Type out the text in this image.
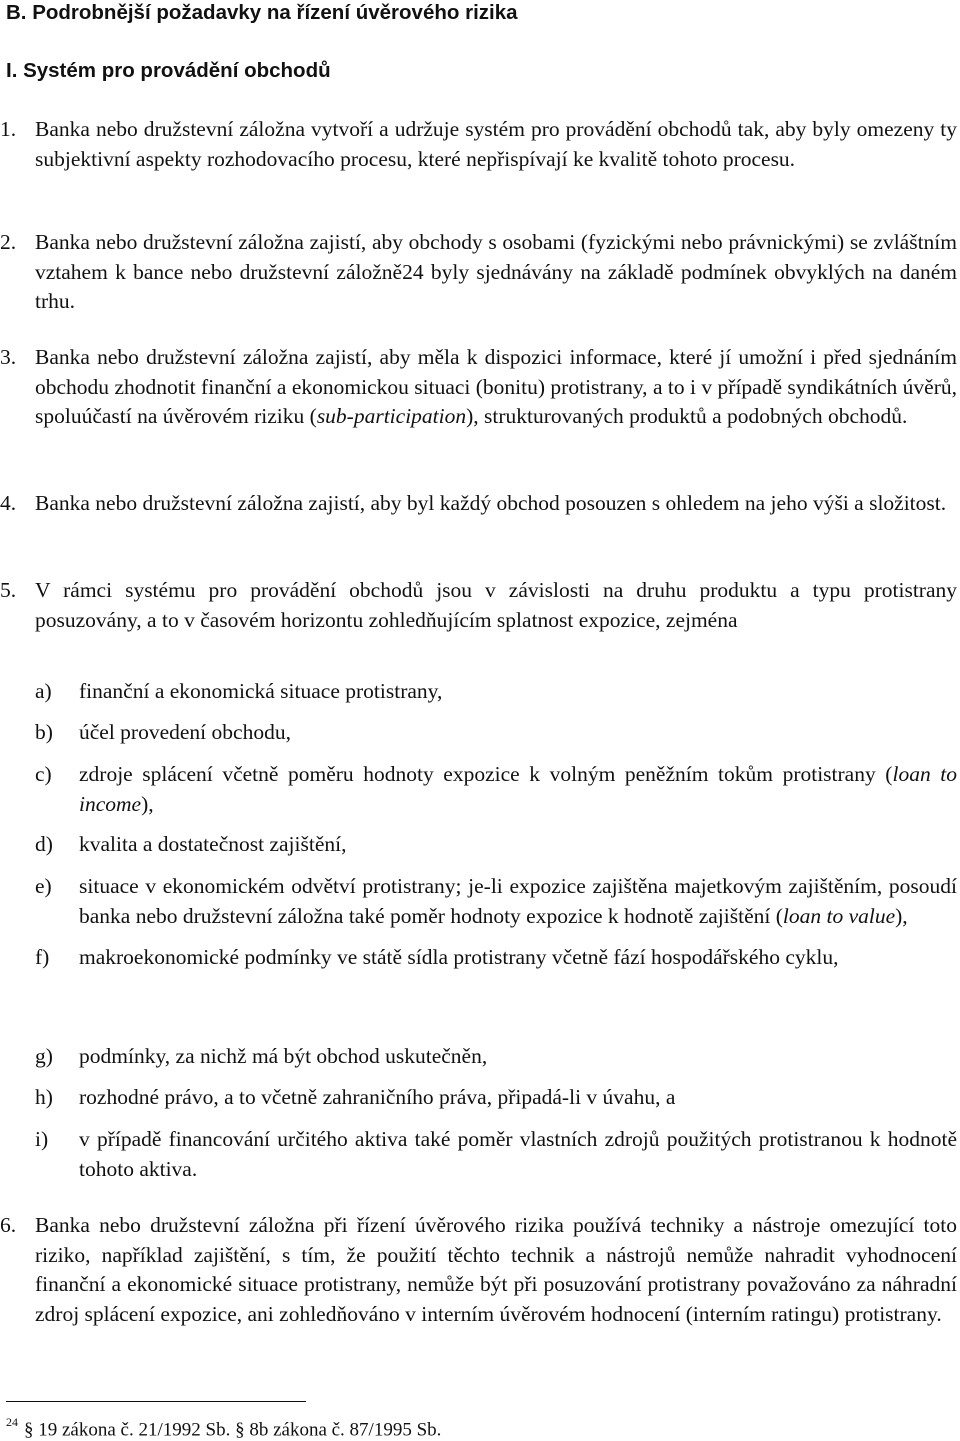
B. Podrobnější požadavky na řízení úvěrového rizika
I. Systém pro provádění obchodů
1. Banka nebo družstevní záložna vytvoří a udržuje systém pro provádění obchodů tak, aby byly omezeny ty subjektivní aspekty rozhodovacího procesu, které nepřispívají ke kvalitě tohoto procesu.
2. Banka nebo družstevní záložna zajistí, aby obchody s osobami (fyzickými nebo právnickými) se zvláštním vztahem k bance nebo družstevní záložně24 byly sjednávány na základě podmínek obvyklých na daném trhu.
3. Banka nebo družstevní záložna zajistí, aby měla k dispozici informace, které jí umožní i před sjednáním obchodu zhodnotit finanční a ekonomickou situaci (bonitu) protistrany, a to i v případě syndikátních úvěrů, spoluúčastí na úvěrovém riziku (sub-participation), strukturovaných produktů a podobných obchodů.
4. Banka nebo družstevní záložna zajistí, aby byl každý obchod posouzen s ohledem na jeho výši a složitost.
5. V rámci systému pro provádění obchodů jsou v závislosti na druhu produktu a typu protistrany posuzovány, a to v časovém horizontu zohledňujícím splatnost expozice, zejména
a) finanční a ekonomická situace protistrany,
b) účel provedení obchodu,
c) zdroje splácení včetně poměru hodnoty expozice k volným peněžním tokům protistrany (loan to income),
d) kvalita a dostatečnost zajištění,
e) situace v ekonomickém odvětví protistrany; je-li expozice zajištěna majetkovým zajištěním, posoudí banka nebo družstevní záložna také poměr hodnoty expozice k hodnotě zajištění (loan to value),
f) makroekonomické podmínky ve státě sídla protistrany včetně fází hospodářského cyklu,
g) podmínky, za nichž má být obchod uskutečněn,
h) rozhodné právo, a to včetně zahraničního práva, připadá-li v úvahu, a
i) v případě financování určitého aktiva také poměr vlastních zdrojů použitých protistranou k hodnotě tohoto aktiva.
6. Banka nebo družstevní záložna při řízení úvěrového rizika používá techniky a nástroje omezující toto riziko, například zajištění, s tím, že použití těchto technik a nástrojů nemůže nahradit vyhodnocení finanční a ekonomické situace protistrany, nemůže být při posuzování protistrany považováno za náhradní zdroj splácení expozice, ani zohledňováno v interním úvěrovém hodnocení (interním ratingu) protistrany.
$^{24}$ § 19 zákona č. 21/1992 Sb. § 8b zákona č. 87/1995 Sb.
